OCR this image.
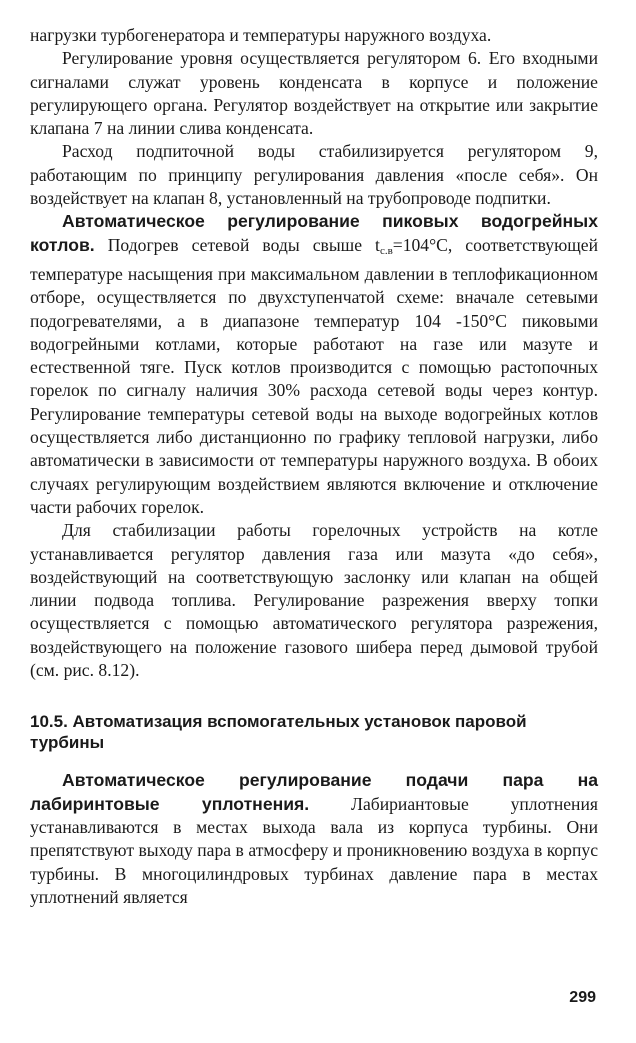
нагрузки турбогенератора и температуры наружного воздуха.

Регулирование уровня осуществляется регулятором 6. Его входными сигналами служат уровень конденсата в корпусе и положение регулирующего органа. Регулятор воздействует на открытие или закрытие клапана 7 на линии слива конденсата.

Расход подпиточной воды стабилизируется регулятором 9, работающим по принципу регулирования давления «после себя». Он воздействует на клапан 8, установленный на трубопроводе подпитки.

Автоматическое регулирование пиковых водогрейных котлов. Подогрев сетевой воды свыше $t_{с.в}=104^\circ С$, соответствующей температуре насыщения при максимальном давлении в теплофикационном отборе, осуществляется по двухступенчатой схеме: вначале сетевыми подогревателями, а в диапазоне температур 104 -150°С пиковыми водогрейными котлами, которые работают на газе или мазуте и естественной тяге. Пуск котлов производится с помощью растопочных горелок по сигналу наличия 30% расхода сетевой воды через контур. Регулирование температуры сетевой воды на выходе водогрейных котлов осуществляется либо дистанционно по графику тепловой нагрузки, либо автоматически в зависимости от температуры наружного воздуха. В обоих случаях регулирующим воздействием являются включение и отключение части рабочих горелок.

Для стабилизации работы горелочных устройств на котле устанавливается регулятор давления газа или мазута «до себя», воздействующий на соответствующую заслонку или клапан на общей линии подвода топлива. Регулирование разрежения вверху топки осуществляется с помощью автоматического регулятора разрежения, воздействующего на положение газового шибера перед дымовой трубой (см. рис. 8.12).

10.5. Автоматизация вспомогательных установок паровой турбины

Автоматическое регулирование подачи пара на лабиринтовые уплотнения. Лабириантовые уплотнения устанавливаются в местах выхода вала из корпуса турбины. Они препятствуют выходу пара в атмосферу и проникновению воздуха в корпус турбины. В многоцилиндровых турбинах давление пара в местах уплотнений является

299
